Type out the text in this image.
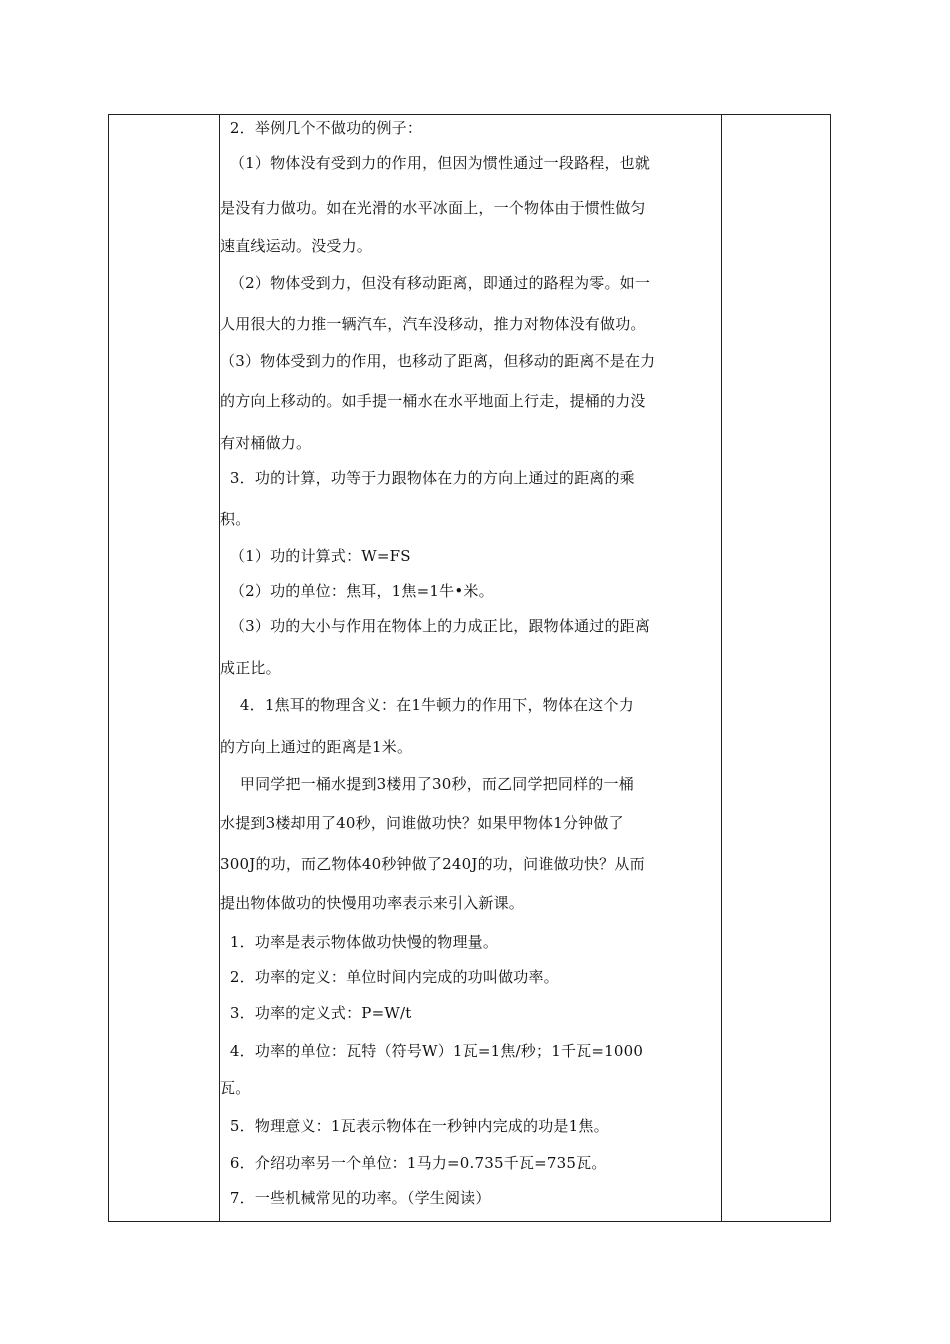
2．举例几个不做功的例子：
（1）物体没有受到力的作用，但因为惯性通过一段路程，也就
是没有力做功。如在光滑的水平冰面上，一个物体由于惯性做匀
速直线运动。没受力。
（2）物体受到力，但没有移动距离，即通过的路程为零。如一
人用很大的力推一辆汽车，汽车没移动，推力对物体没有做功。
（3）物体受到力的作用，也移动了距离，但移动的距离不是在力
的方向上移动的。如手提一桶水在水平地面上行走，提桶的力没
有对桶做力。
3．功的计算，功等于力跟物体在力的方向上通过的距离的乘
积。
（1）功的计算式：W=FS
（2）功的单位：焦耳，1焦=1牛•米。
（3）功的大小与作用在物体上的力成正比，跟物体通过的距离
成正比。
4．1焦耳的物理含义：在1牛顿力的作用下，物体在这个力
的方向上通过的距离是1米。
甲同学把一桶水提到3楼用了30秒，而乙同学把同样的一桶
水提到3楼却用了40秒，问谁做功快？如果甲物体1分钟做了
300J的功，而乙物体40秒钟做了240J的功，问谁做功快？从而
提出物体做功的快慢用功率表示来引入新课。
1．功率是表示物体做功快慢的物理量。
2．功率的定义：单位时间内完成的功叫做功率。
3．功率的定义式：P=W/t
4．功率的单位：瓦特（符号W）1瓦=1焦/秒；1千瓦=1000
瓦。
5．物理意义：1瓦表示物体在一秒钟内完成的功是1焦。
6．介绍功率另一个单位：1马力=0.735千瓦=735瓦。
7．一些机械常见的功率。（学生阅读）
